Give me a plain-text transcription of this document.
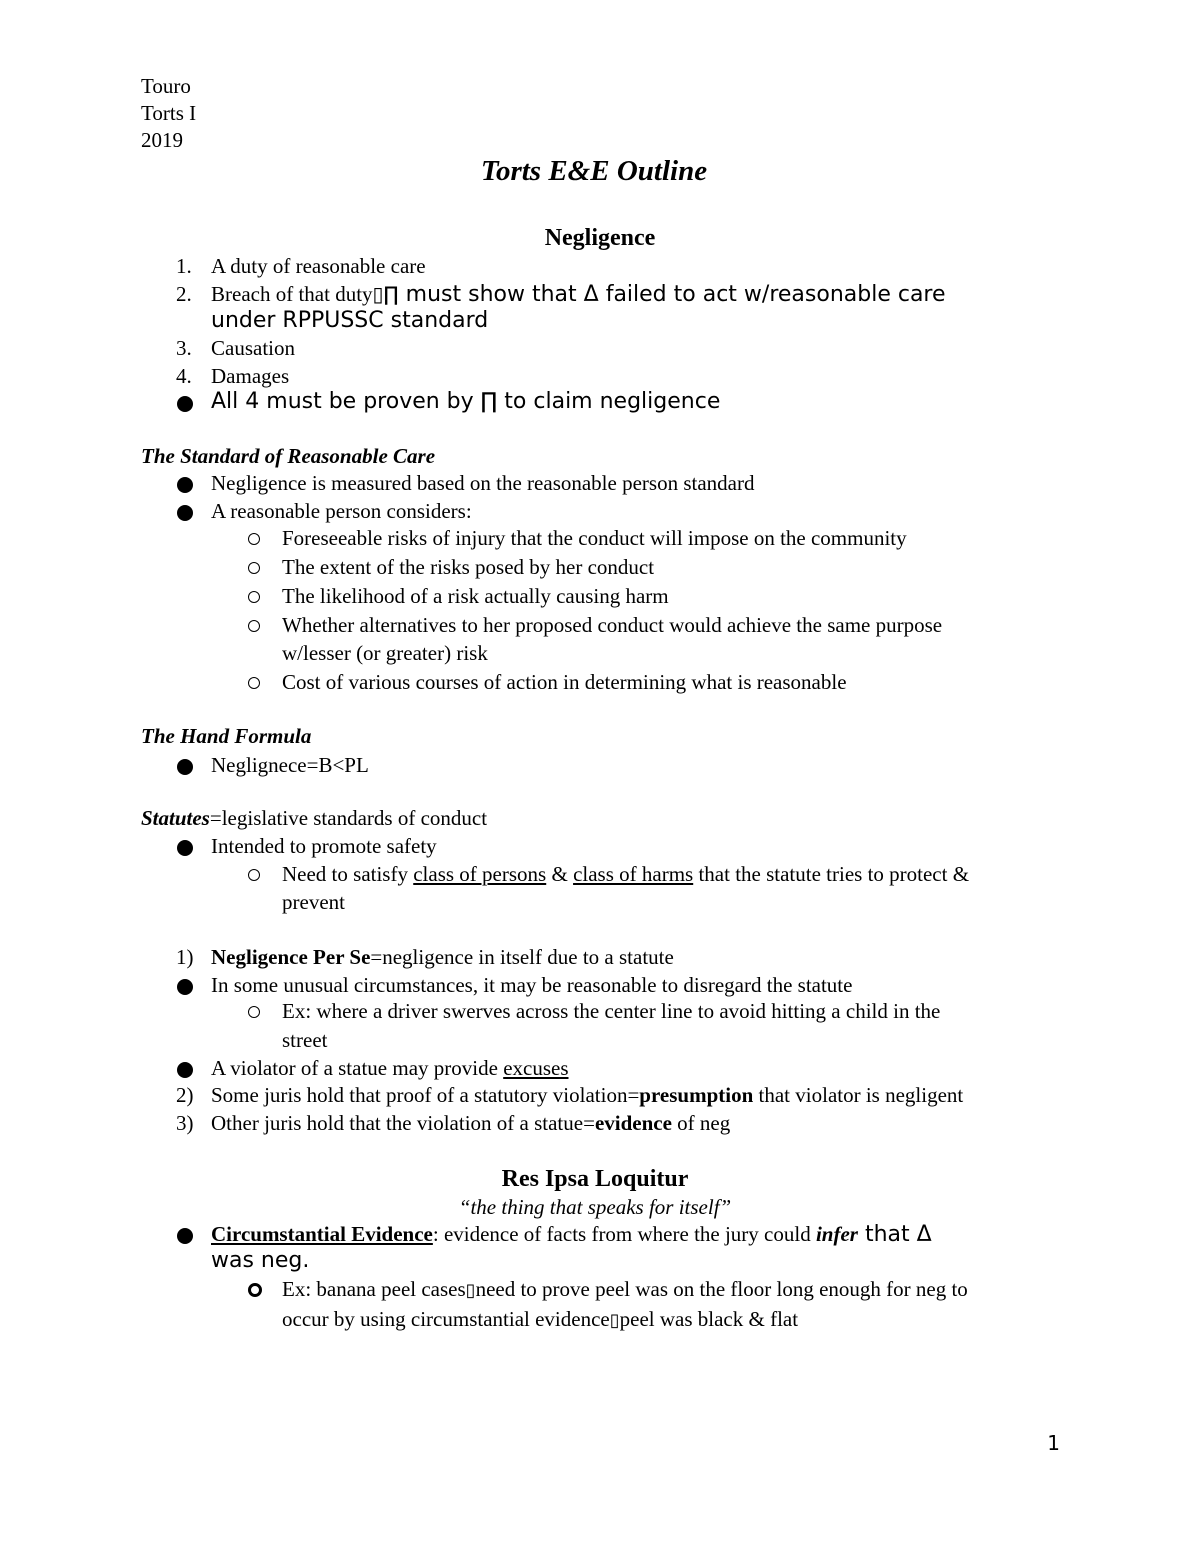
Touro
Torts I
2019
Torts E&E Outline
Negligence
1. A duty of reasonable care
2. Breach of that duty▯∏ must show that Δ failed to act w/reasonable care
under RPPUSSC standard
3. Causation
4. Damages
All 4 must be proven by ∏ to claim negligence
The Standard of Reasonable Care
Negligence is measured based on the reasonable person standard
A reasonable person considers:
Foreseeable risks of injury that the conduct will impose on the community
The extent of the risks posed by her conduct
The likelihood of a risk actually causing harm
Whether alternatives to her proposed conduct would achieve the same purpose
w/lesser (or greater) risk
Cost of various courses of action in determining what is reasonable
The Hand Formula
Neglignece=B<PL
Statutes=legislative standards of conduct
Intended to promote safety
Need to satisfy class of persons & class of harms that the statute tries to protect &
prevent
1) Negligence Per Se=negligence in itself due to a statute
In some unusual circumstances, it may be reasonable to disregard the statute
Ex: where a driver swerves across the center line to avoid hitting a child in the
street
A violator of a statue may provide excuses
2) Some juris hold that proof of a statutory violation=presumption that violator is negligent
3) Other juris hold that the violation of a statue=evidence of neg
Res Ipsa Loquitur
“the thing that speaks for itself”
Circumstantial Evidence: evidence of facts from where the jury could infer that Δ
was neg.
Ex: banana peel cases▯need to prove peel was on the floor long enough for neg to
occur by using circumstantial evidence▯peel was black & flat
1
